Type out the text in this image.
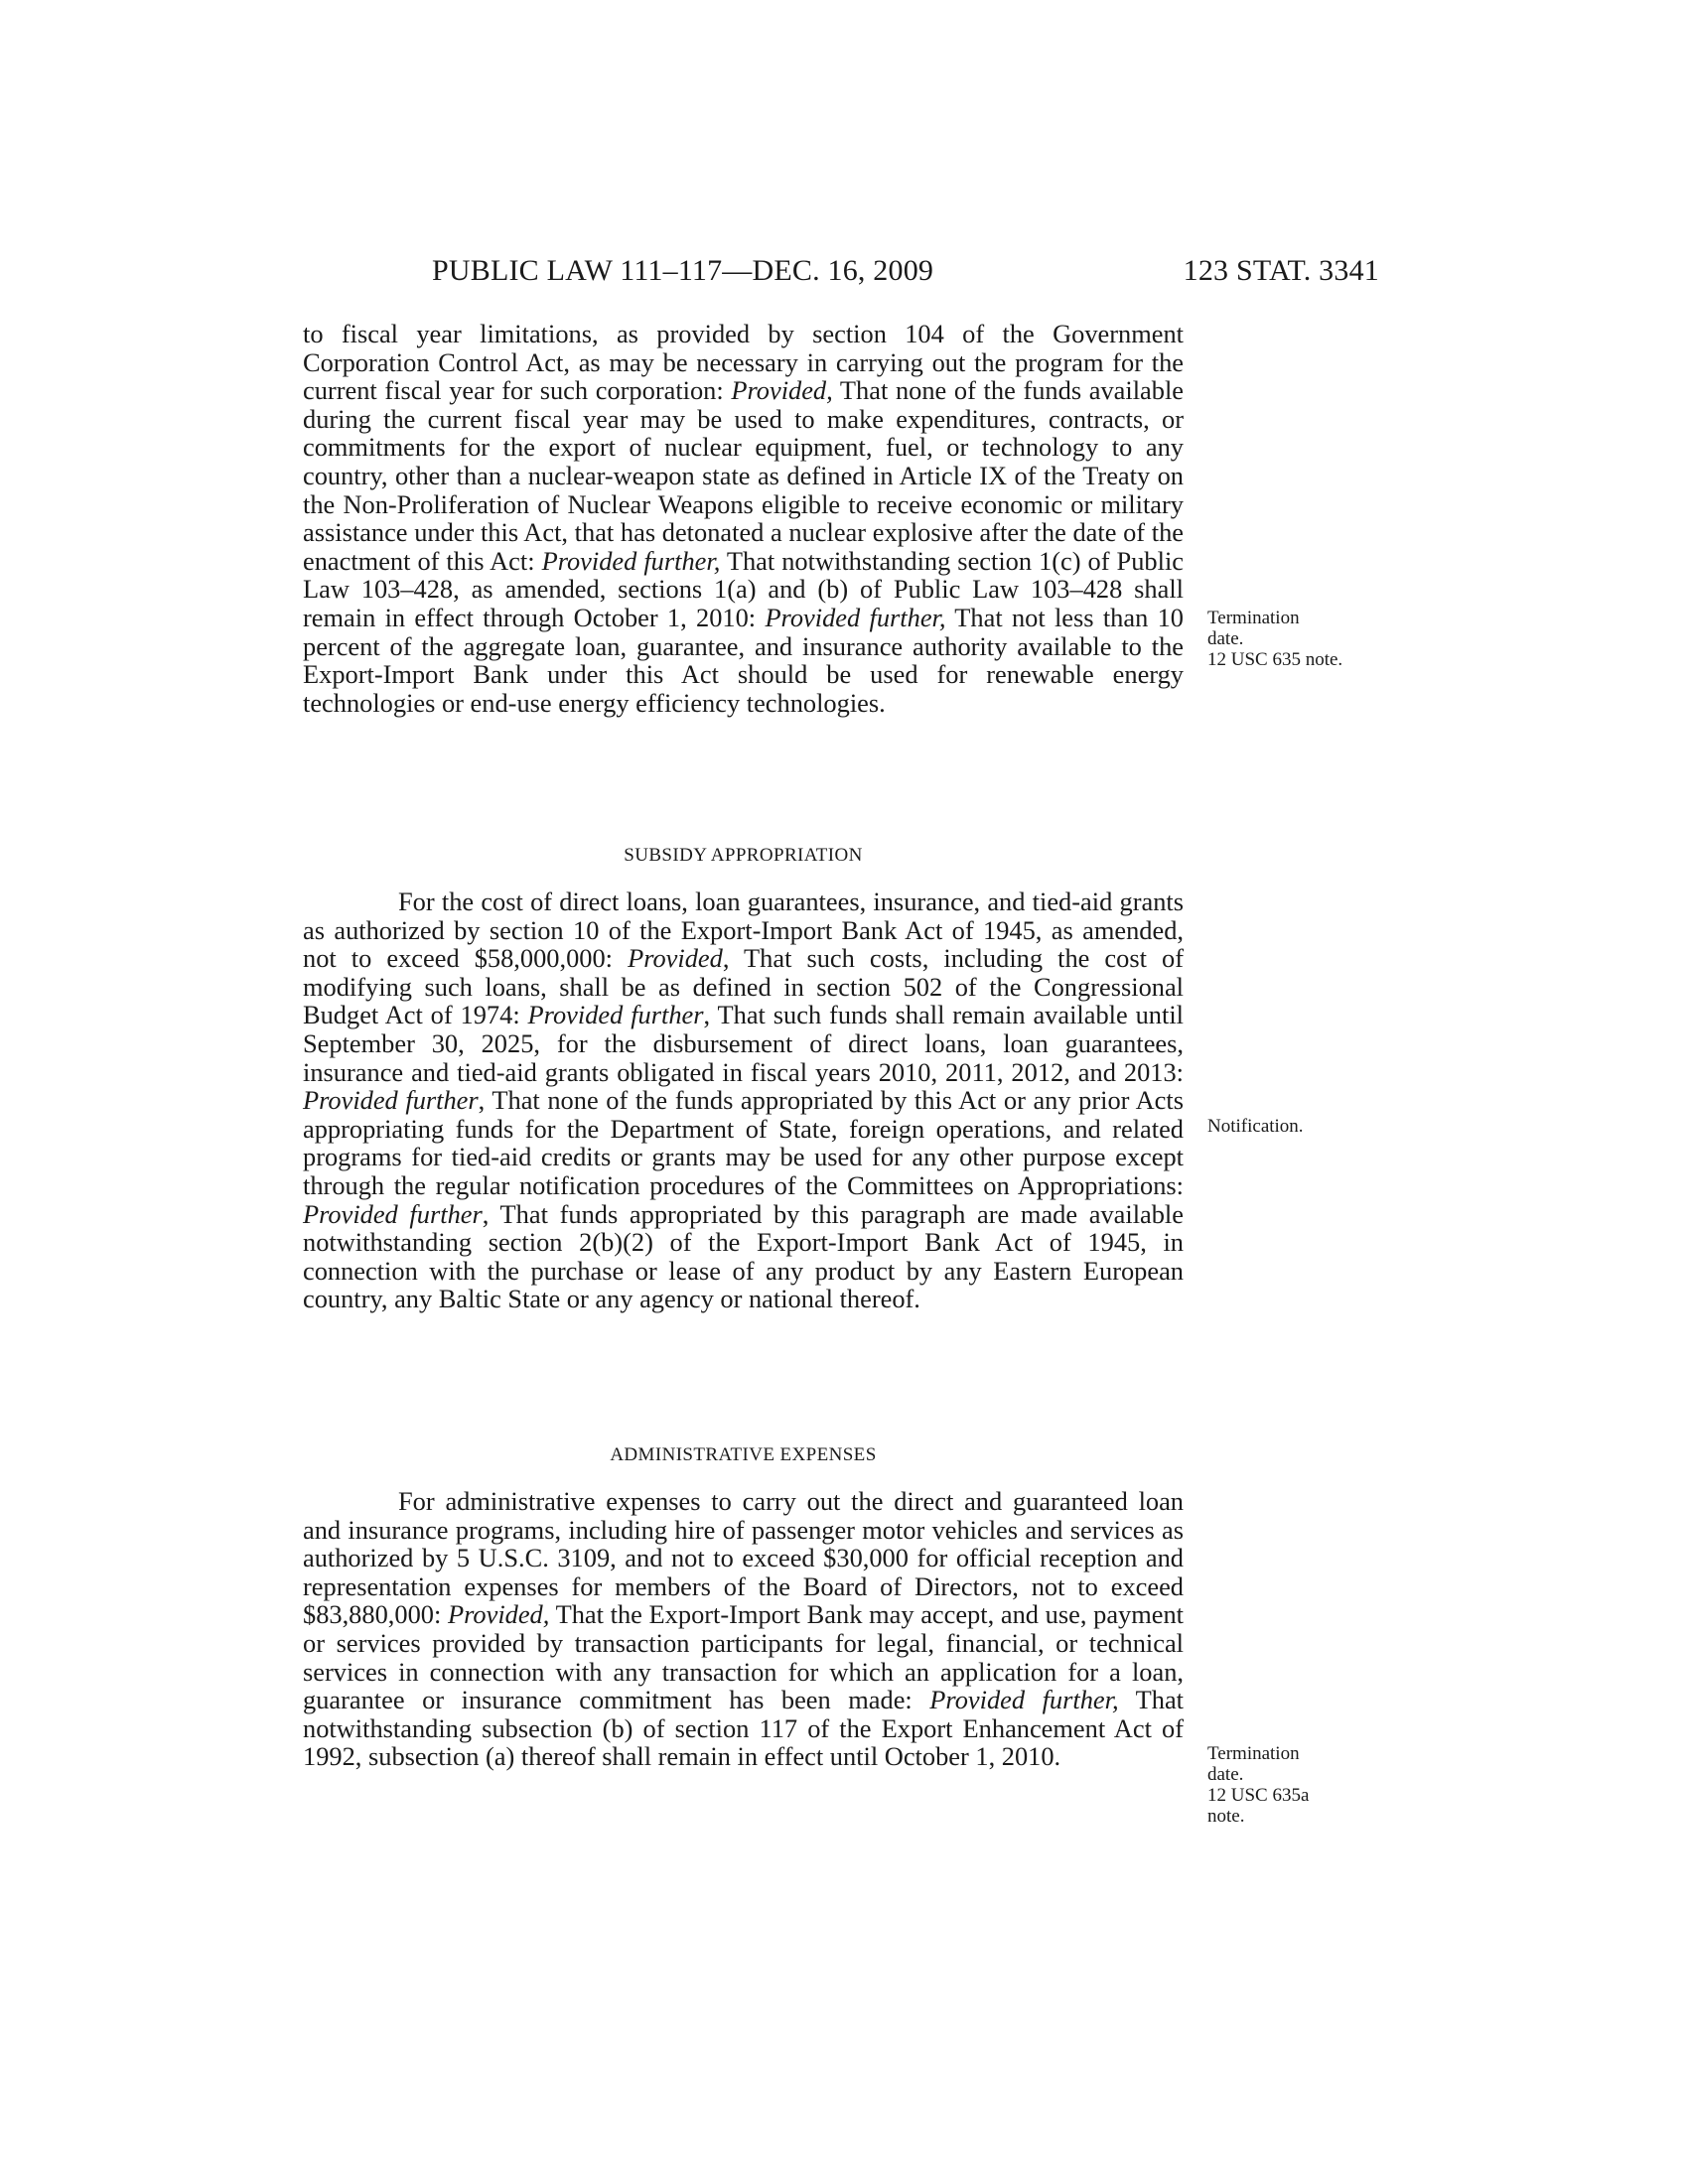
PUBLIC LAW 111–117—DEC. 16, 2009	123 STAT. 3341

to fiscal year limitations, as provided by section 104 of the Government Corporation Control Act, as may be necessary in carrying out the program for the current fiscal year for such corporation: Provided, That none of the funds available during the current fiscal year may be used to make expenditures, contracts, or commitments for the export of nuclear equipment, fuel, or technology to any country, other than a nuclear-weapon state as defined in Article IX of the Treaty on the Non-Proliferation of Nuclear Weapons eligible to receive economic or military assistance under this Act, that has detonated a nuclear explosive after the date of the enactment of this Act: Provided further, That notwithstanding section 1(c) of Public Law 103–428, as amended, sections 1(a) and (b) of Public Law 103–428 shall remain in effect through October 1, 2010: Provided further, That not less than 10 percent of the aggregate loan, guarantee, and insurance authority available to the Export-Import Bank under this Act should be used for renewable energy technologies or end-use energy efficiency technologies.

SUBSIDY APPROPRIATION

For the cost of direct loans, loan guarantees, insurance, and tied-aid grants as authorized by section 10 of the Export-Import Bank Act of 1945, as amended, not to exceed $58,000,000: Provided, That such costs, including the cost of modifying such loans, shall be as defined in section 502 of the Congressional Budget Act of 1974: Provided further, That such funds shall remain available until September 30, 2025, for the disbursement of direct loans, loan guarantees, insurance and tied-aid grants obligated in fiscal years 2010, 2011, 2012, and 2013: Provided further, That none of the funds appropriated by this Act or any prior Acts appropriating funds for the Department of State, foreign operations, and related programs for tied-aid credits or grants may be used for any other purpose except through the regular notification procedures of the Committees on Appropriations: Provided further, That funds appropriated by this paragraph are made available notwithstanding section 2(b)(2) of the Export-Import Bank Act of 1945, in connection with the purchase or lease of any product by any Eastern European country, any Baltic State or any agency or national thereof.

ADMINISTRATIVE EXPENSES

For administrative expenses to carry out the direct and guaranteed loan and insurance programs, including hire of passenger motor vehicles and services as authorized by 5 U.S.C. 3109, and not to exceed $30,000 for official reception and representation expenses for members of the Board of Directors, not to exceed $83,880,000: Provided, That the Export-Import Bank may accept, and use, payment or services provided by transaction participants for legal, financial, or technical services in connection with any transaction for which an application for a loan, guarantee or insurance commitment has been made: Provided further, That notwithstanding subsection (b) of section 117 of the Export Enhancement Act of 1992, subsection (a) thereof shall remain in effect until October 1, 2010.

Termination
date.
12 USC 635 note.
Notification.
Termination
date.
12 USC 635a
note.
